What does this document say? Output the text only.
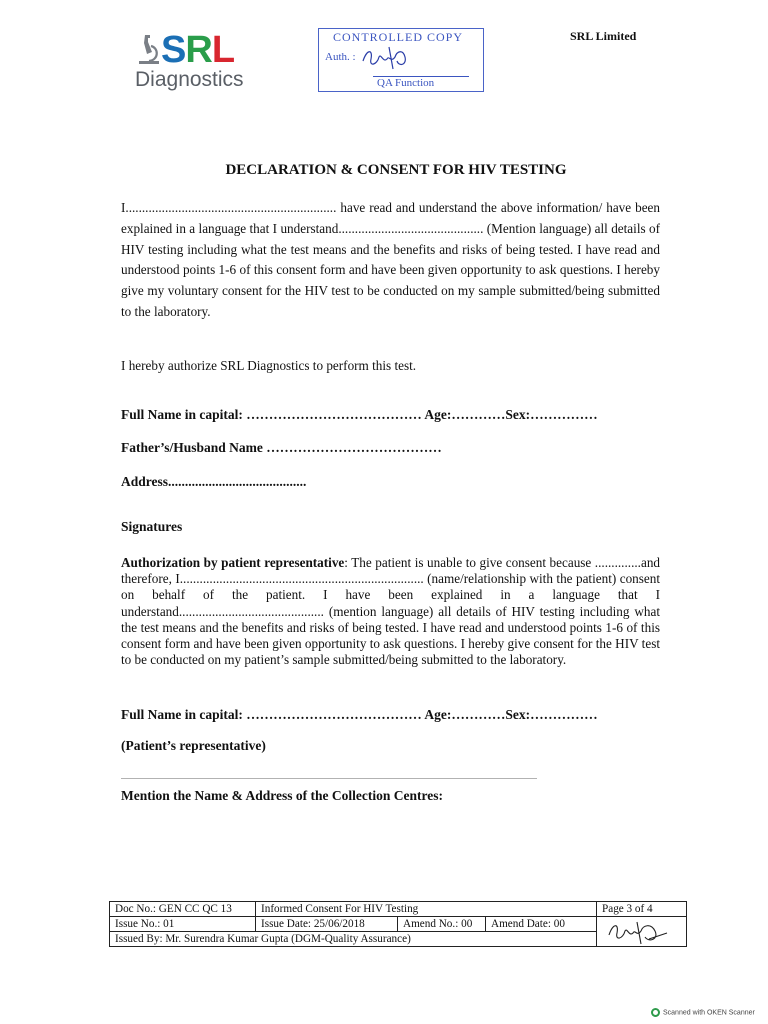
SRL
Diagnostics
CONTROLLED COPY
Auth. :
QA Function
SRL Limited
DECLARATION & CONSENT FOR HIV TESTING
I................................................................ have read and understand the above information/ have been explained in a language that I understand............................................ (Mention language) all details of HIV testing including what the test means and the benefits and risks of being tested. I have read and understood points 1-6 of this consent form and have been given opportunity to ask questions. I hereby give my voluntary consent for the HIV test to be conducted on my sample submitted/being submitted to the laboratory.
I hereby authorize SRL Diagnostics to perform this test.
Full Name in capital: ………………………………… Age:…………Sex:……………
Father’s/Husband Name …………………………………
Address.........................................
Signatures
Authorization by patient representative: The patient is unable to give consent because ..............and therefore, I.......................................................................... (name/relationship with the patient) consent on behalf of the patient. I have been explained in a language that I understand............................................ (mention language) all details of HIV testing including what the test means and the benefits and risks of being tested. I have read and understood points 1-6 of this consent form and have been given opportunity to ask questions. I hereby give consent for the HIV test to be conducted on my patient’s sample submitted/being submitted to the laboratory.
Full Name in capital: ………………………………… Age:…………Sex:……………
(Patient’s representative)
................................................................................................................................................................................................................
Mention the Name & Address of the Collection Centres:
Doc No.: GEN CC QC 13	Informed Consent For HIV Testing			Page 3 of 4
Issue No.: 01	Issue Date: 25/06/2018	Amend No.: 00	Amend Date: 00	

Issued By: Mr. Surendra Kumar Gupta (DGM-Quality Assurance)				
Scanned with OKEN Scanner
